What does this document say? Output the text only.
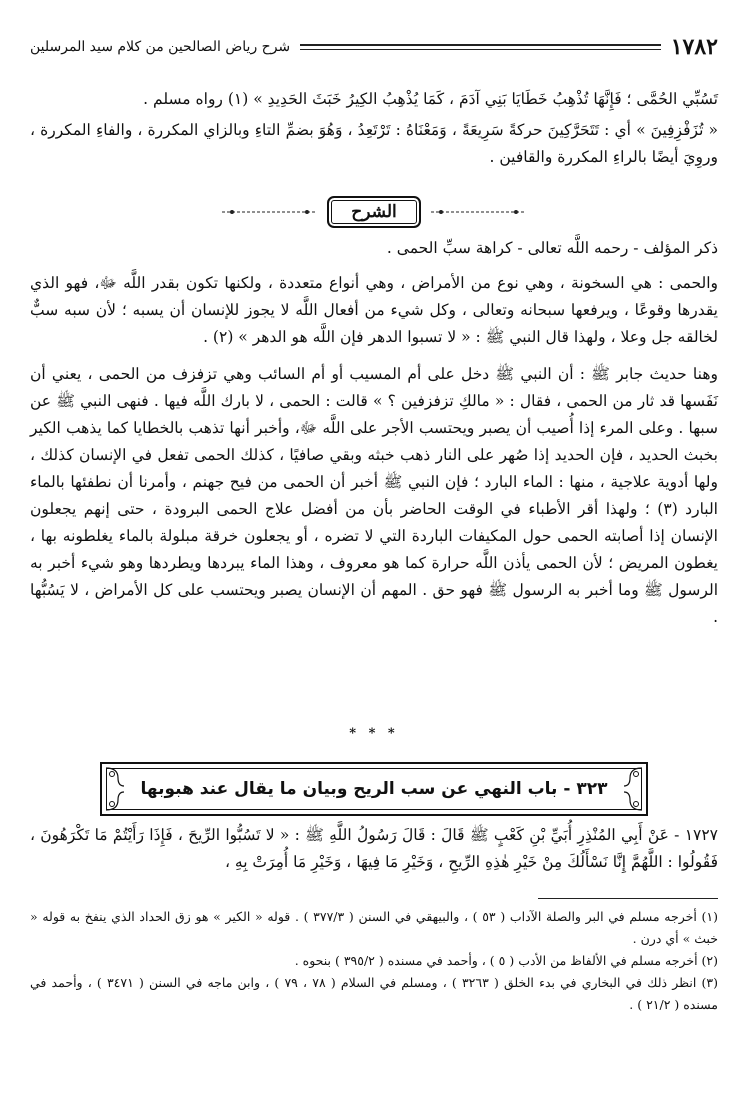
١٧٨٢
شرح رياض الصالحين من كلام سيد المرسلين

تَسُبِّي الحُمَّى ؛ فَإِنَّهَا تُذْهِبُ خَطَايَا بَنِي آدَمَ ، كَمَا يُذْهِبُ الكِيرُ خَبَثَ الحَدِيدِ » (١) رواه مسلم .

« تُزَفْزِفِينَ » أي : تَتَحَرَّكِينَ حركةً سَرِيعَةً ، وَمَعْنَاهُ : تَرْتَعِدُ ، وَهُوَ بضمِّ التاءِ وبالزاي المكررة ، والفاءِ المكررة ، وروِيَ أيضًا بالراءِ المكررة والقافين .

الشرح

ذكر المؤلف - رحمه اللَّه تعالى - كراهة سبِّ الحمى .

والحمى : هي السخونة ، وهي نوع من الأمراض ، وهي أنواع متعددة ، ولكنها تكون بقدر اللَّه ﷻ، فهو الذي يقدرها وقوعًا ، ويرفعها سبحانه وتعالى ، وكل شيء من أفعال اللَّه لا يجوز للإنسان أن يسبه ؛ لأن سبه سبٌّ لخالقه جل وعلا ، ولهذا قال النبي ﷺ : « لا تسبوا الدهر فإن اللَّه هو الدهر » (٢) .

وهنا حديث جابر ﷺ : أن النبي ﷺ دخل على أم المسيب أو أم السائب وهي تزفزف من الحمى ، يعني أن نَفَسها قد ثار من الحمى ، فقال : « مالكِ تزفزفين ؟ » قالت : الحمى ، لا بارك اللَّه فيها . فنهى النبي ﷺ عن سبها . وعلى المرء إذا أُصيب أن يصبر ويحتسب الأجر على اللَّه ﷻ، وأخبر أنها تذهب بالخطايا كما يذهب الكير بخبث الحديد ، فإن الحديد إذا صُهر على النار ذهب خبثه وبقي صافيًا ، كذلك الحمى تفعل في الإنسان كذلك ، ولها أدوية علاجية ، منها : الماء البارد ؛ فإن النبي ﷺ أخبر أن الحمى من فيح جهنم ، وأمرنا أن نطفئها بالماء البارد (٣) ؛ ولهذا أقر الأطباء في الوقت الحاضر بأن من أفضل علاج الحمى البرودة ، حتى إنهم يجعلون الإنسان إذا أصابته الحمى حول المكيفات الباردة التي لا تضره ، أو يجعلون خرقة مبلولة بالماء يغلطونه بها ، يغطون المريض ؛ لأن الحمى يأذن اللَّه حرارة كما هو معروف ، وهذا الماء يبردها ويطردها وهو شيء أخبر به الرسول ﷺ وما أخبر به الرسول ﷺ فهو حق . المهم أن الإنسان يصبر ويحتسب على كل الأمراض ، لا يَسُبُّها .

* * *
٣٢٣ - باب النهي عن سب الريح وبيان ما يقال عند هبوبها

١٧٢٧ - عَنْ أَبِي المُنْذِرِ أُبَيِّ بْنِ كَعْبٍ ﷺ قَالَ : قَالَ رَسُولُ اللَّهِ ﷺ : « لا تَسُبُّوا الرِّيحَ ، فَإِذَا رَأَيْتُمْ مَا تَكْرَهُونَ ، فَقُولُوا : اللَّهُمَّ إِنَّا نَسْأَلُكَ مِنْ خَيْرِ هٰذِهِ الرِّيحِ ، وَخَيْرِ مَا فِيهَا ، وَخَيْرِ مَا أُمِرَتْ بِهِ ،

(١) أخرجه مسلم في البر والصلة الآداب ( ٥٣ ) ، والبيهقي في السنن ( ٣٧٧/٣ ) . قوله « الكير » هو زق الحداد الذي ينفخ به قوله « خبث » أي درن .

(٢) أخرجه مسلم في الألفاظ من الأدب ( ٥ ) ، وأحمد في مسنده ( ٣٩٥/٢ ) بنحوه .

(٣) انظر ذلك في البخاري في بدء الخلق ( ٣٢٦٣ ) ، ومسلم في السلام ( ٧٨ ، ٧٩ ) ، وابن ماجه في السنن ( ٣٤٧١ ) ، وأحمد في مسنده ( ٢١/٢ ) .
